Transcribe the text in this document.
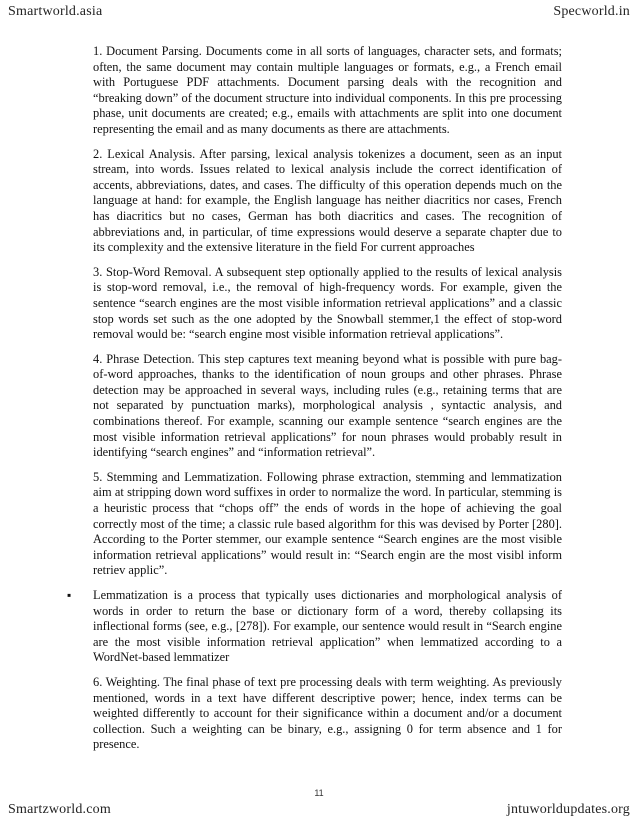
Smartworld.asia	Specworld.in

1. Document Parsing. Documents come in all sorts of languages, character sets, and formats; often, the same document may contain multiple languages or formats, e.g., a French email with Portuguese PDF attachments. Document parsing deals with the recognition and “breaking down” of the document structure into individual components. In this pre processing phase, unit documents are created; e.g., emails with attachments are split into one document representing the email and as many documents as there are attachments.

2. Lexical Analysis. After parsing, lexical analysis tokenizes a document, seen as an input stream, into words. Issues related to lexical analysis include the correct identification of accents, abbreviations, dates, and cases. The difficulty of this operation depends much on the language at hand: for example, the English language has neither diacritics nor cases, French has diacritics but no cases, German has both diacritics and cases. The recognition of abbreviations and, in particular, of time expressions would deserve a separate chapter due to its complexity and the extensive literature in the field For current approaches

3. Stop-Word Removal. A subsequent step optionally applied to the results of lexical analysis is stop-word removal, i.e., the removal of high-frequency words. For example, given the sentence “search engines are the most visible information retrieval applications” and a classic stop words set such as the one adopted by the Snowball stemmer,1 the effect of stop-word removal would be: “search engine most visible information retrieval applications”.

4. Phrase Detection. This step captures text meaning beyond what is possible with pure bag-of-word approaches, thanks to the identification of noun groups and other phrases. Phrase detection may be approached in several ways, including rules (e.g., retaining terms that are not separated by punctuation marks), morphological analysis , syntactic analysis, and combinations thereof. For example, scanning our example sentence “search engines are the most visible information retrieval applications” for noun phrases would probably result in identifying “search engines” and “information retrieval”.

5. Stemming and Lemmatization. Following phrase extraction, stemming and lemmatization aim at stripping down word suffixes in order to normalize the word. In particular, stemming is a heuristic process that “chops off” the ends of words in the hope of achieving the goal correctly most of the time; a classic rule based algorithm for this was devised by Porter [280]. According to the Porter stemmer, our example sentence “Search engines are the most visible information retrieval applications” would result in: “Search engin are the most visibl inform retriev applic”.

▪ Lemmatization is a process that typically uses dictionaries and morphological analysis of words in order to return the base or dictionary form of a word, thereby collapsing its inflectional forms (see, e.g., [278]). For example, our sentence would result in “Search engine are the most visible information retrieval application” when lemmatized according to a WordNet-based lemmatizer

6. Weighting. The final phase of text pre processing deals with term weighting. As previously mentioned, words in a text have different descriptive power; hence, index terms can be weighted differently to account for their significance within a document and/or a document collection. Such a weighting can be binary, e.g., assigning 0 for term absence and 1 for presence.

11
Smartzworld.com	jntuworldupdates.org
